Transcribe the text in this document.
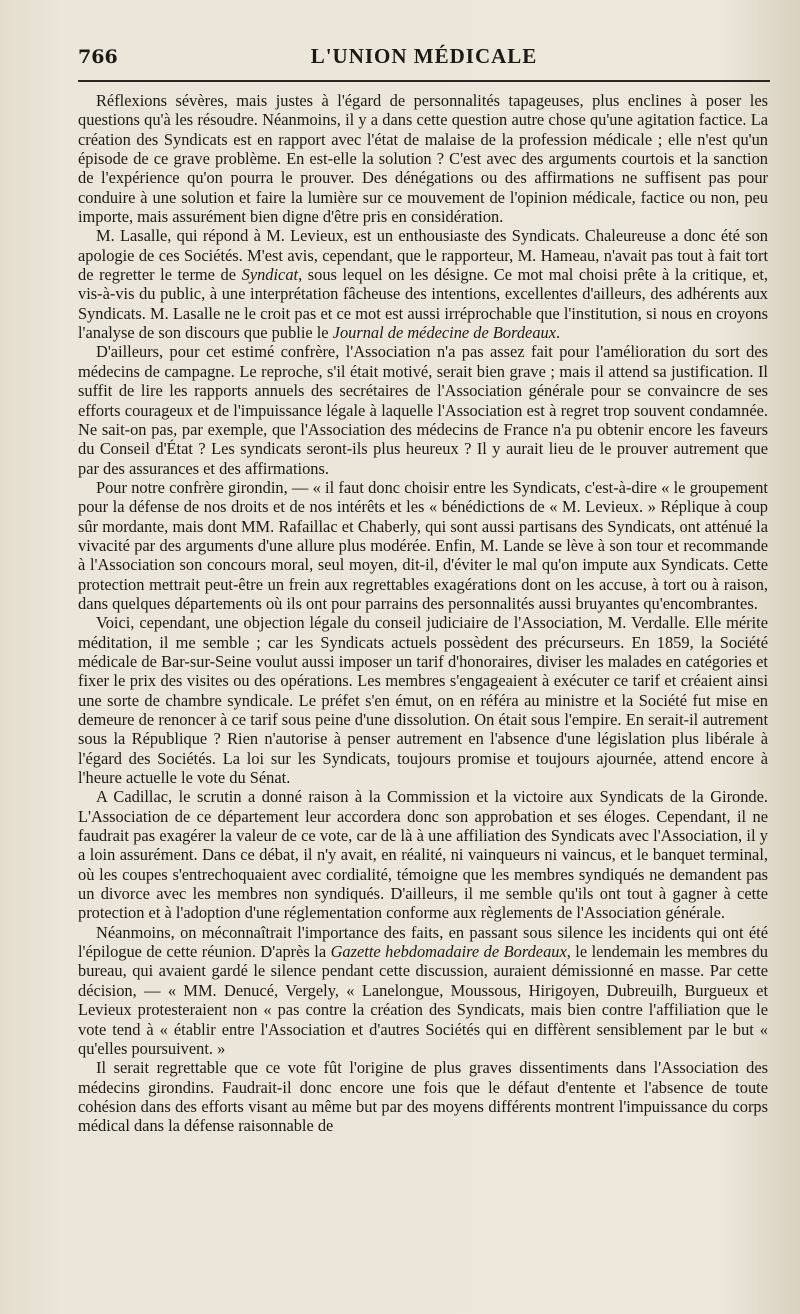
766	L'UNION MÉDICALE

Réflexions sévères, mais justes à l'égard de personnalités tapageuses, plus enclines à poser les questions qu'à les résoudre. Néanmoins, il y a dans cette question autre chose qu'une agitation factice. La création des Syndicats est en rapport avec l'état de malaise de la profession médicale ; elle n'est qu'un épisode de ce grave problème. En est-elle la solution ? C'est avec des arguments courtois et la sanction de l'expérience qu'on pourra le prouver. Des dénégations ou des affirmations ne suffisent pas pour conduire à une solution et faire la lumière sur ce mouvement de l'opinion médicale, factice ou non, peu importe, mais assurément bien digne d'être pris en considération.

M. Lasalle, qui répond à M. Levieux, est un enthousiaste des Syndicats. Chaleureuse a donc été son apologie de ces Sociétés. M'est avis, cependant, que le rapporteur, M. Hameau, n'avait pas tout à fait tort de regretter le terme de Syndicat, sous lequel on les désigne. Ce mot mal choisi prête à la critique, et, vis-à-vis du public, à une interprétation fâcheuse des intentions, excellentes d'ailleurs, des adhérents aux Syndicats. M. Lasalle ne le croit pas et ce mot est aussi irréprochable que l'institution, si nous en croyons l'analyse de son discours que publie le Journal de médecine de Bordeaux.

D'ailleurs, pour cet estimé confrère, l'Association n'a pas assez fait pour l'amélioration du sort des médecins de campagne. Le reproche, s'il était motivé, serait bien grave ; mais il attend sa justification. Il suffit de lire les rapports annuels des secrétaires de l'Association générale pour se convaincre de ses efforts courageux et de l'impuissance légale à laquelle l'Association est à regret trop souvent condamnée. Ne sait-on pas, par exemple, que l'Association des médecins de France n'a pu obtenir encore les faveurs du Conseil d'État ? Les syndicats seront-ils plus heureux ? Il y aurait lieu de le prouver autrement que par des assurances et des affirmations.

Pour notre confrère girondin, — « il faut donc choisir entre les Syndicats, c'est-à-dire « le groupement pour la défense de nos droits et de nos intérêts et les « bénédictions de « M. Levieux. » Réplique à coup sûr mordante, mais dont MM. Rafaillac et Chaberly, qui sont aussi partisans des Syndicats, ont atténué la vivacité par des arguments d'une allure plus modérée. Enfin, M. Lande se lève à son tour et recommande à l'Association son concours moral, seul moyen, dit-il, d'éviter le mal qu'on impute aux Syndicats. Cette protection mettrait peut-être un frein aux regrettables exagérations dont on les accuse, à tort ou à raison, dans quelques départements où ils ont pour parrains des personnalités aussi bruyantes qu'encombrantes.

Voici, cependant, une objection légale du conseil judiciaire de l'Association, M. Verdalle. Elle mérite méditation, il me semble ; car les Syndicats actuels possèdent des précurseurs. En 1859, la Société médicale de Bar-sur-Seine voulut aussi imposer un tarif d'honoraires, diviser les malades en catégories et fixer le prix des visites ou des opérations. Les membres s'engageaient à exécuter ce tarif et créaient ainsi une sorte de chambre syndicale. Le préfet s'en émut, on en référa au ministre et la Société fut mise en demeure de renoncer à ce tarif sous peine d'une dissolution. On était sous l'empire. En serait-il autrement sous la République ? Rien n'autorise à penser autrement en l'absence d'une législation plus libérale à l'égard des Sociétés. La loi sur les Syndicats, toujours promise et toujours ajournée, attend encore à l'heure actuelle le vote du Sénat.

A Cadillac, le scrutin a donné raison à la Commission et la victoire aux Syndicats de la Gironde. L'Association de ce département leur accordera donc son approbation et ses éloges. Cependant, il ne faudrait pas exagérer la valeur de ce vote, car de là à une affiliation des Syndicats avec l'Association, il y a loin assurément. Dans ce débat, il n'y avait, en réalité, ni vainqueurs ni vaincus, et le banquet terminal, où les coupes s'entrechoquaient avec cordialité, témoigne que les membres syndiqués ne demandent pas un divorce avec les membres non syndiqués. D'ailleurs, il me semble qu'ils ont tout à gagner à cette protection et à l'adoption d'une réglementation conforme aux règlements de l'Association générale.

Néanmoins, on méconnaîtrait l'importance des faits, en passant sous silence les incidents qui ont été l'épilogue de cette réunion. D'après la Gazette hebdomadaire de Bordeaux, le lendemain les membres du bureau, qui avaient gardé le silence pendant cette discussion, auraient démissionné en masse. Par cette décision, — « MM. Denucé, Vergely, « Lanelongue, Moussous, Hirigoyen, Dubreuilh, Burgueux et Levieux protesteraient non « pas contre la création des Syndicats, mais bien contre l'affiliation que le vote tend à « établir entre l'Association et d'autres Sociétés qui en diffèrent sensiblement par le but « qu'elles poursuivent. »

Il serait regrettable que ce vote fût l'origine de plus graves dissentiments dans l'Association des médecins girondins. Faudrait-il donc encore une fois que le défaut d'entente et l'absence de toute cohésion dans des efforts visant au même but par des moyens différents montrent l'impuissance du corps médical dans la défense raisonnable de
